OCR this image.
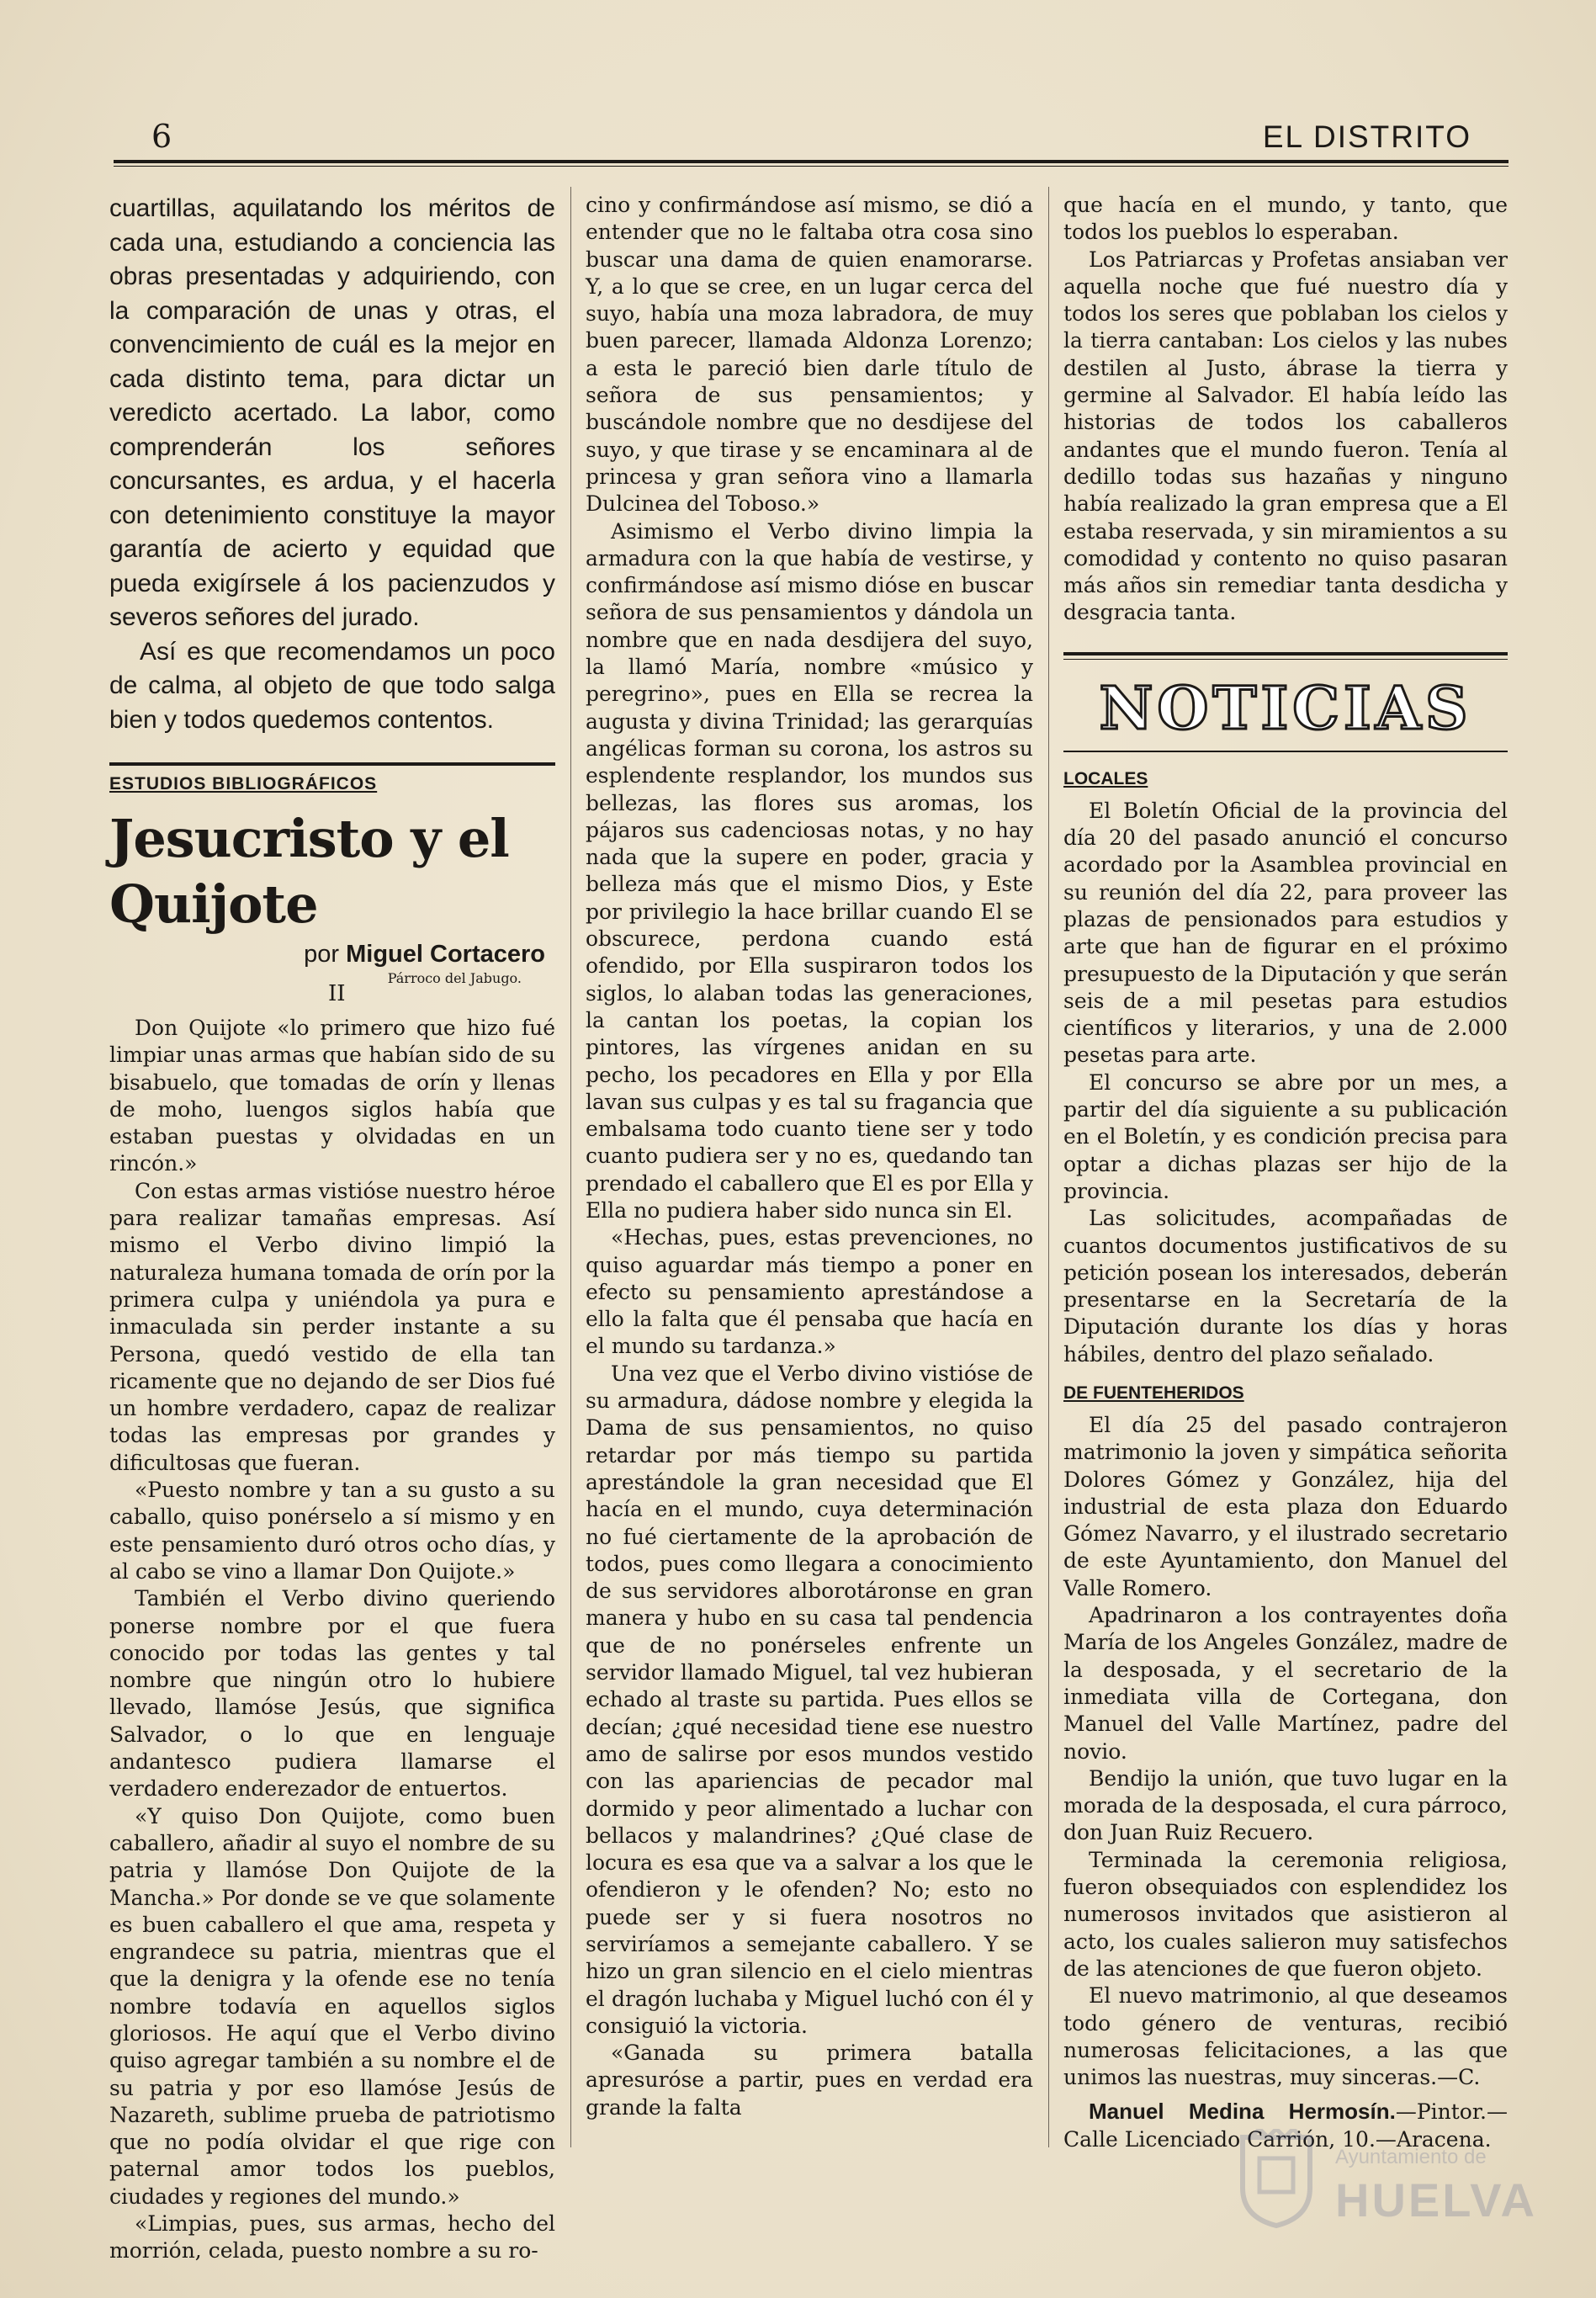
6	EL DISTRITO

cuartillas, aquilatando los méritos de cada una, estudiando a conciencia las obras presentadas y adquiriendo, con la comparación de unas y otras, el convencimiento de cuál es la mejor en cada distinto tema, para dictar un veredicto acertado. La labor, como comprenderán los señores concursantes, es ardua, y el hacerla con detenimiento constituye la mayor garantía de acierto y equidad que pueda exigírsele á los pacienzudos y severos señores del jurado.

Así es que recomendamos un poco de calma, al objeto de que todo salga bien y todos quedemos contentos.

ESTUDIOS BIBLIOGRÁFICOS
Jesucristo y el Quijote
por Miguel Cortacero
Párroco del Jabugo.
II

Don Quijote «lo primero que hizo fué limpiar unas armas que habían sido de su bisabuelo, que tomadas de orín y llenas de moho, luengos siglos había que estaban puestas y olvidadas en un rincón.»

Con estas armas vistióse nuestro héroe para realizar tamañas empresas. Así mismo el Verbo divino limpió la naturaleza humana tomada de orín por la primera culpa y uniéndola ya pura e inmaculada sin perder instante a su Persona, quedó vestido de ella tan ricamente que no dejando de ser Dios fué un hombre verdadero, capaz de realizar todas las empresas por grandes y dificultosas que fueran.

«Puesto nombre y tan a su gusto a su caballo, quiso ponérselo a sí mismo y en este pensamiento duró otros ocho días, y al cabo se vino a llamar Don Quijote.»

También el Verbo divino queriendo ponerse nombre por el que fuera conocido por todas las gentes y tal nombre que ningún otro lo hubiere llevado, llamóse Jesús, que significa Salvador, o lo que en lenguaje andantesco pudiera llamarse el verdadero enderezador de entuertos.

«Y quiso Don Quijote, como buen caballero, añadir al suyo el nombre de su patria y llamóse Don Quijote de la Mancha.» Por donde se ve que solamente es buen caballero el que ama, respeta y engrandece su patria, mientras que el que la denigra y la ofende ese no tenía nombre todavía en aquellos siglos gloriosos. He aquí que el Verbo divino quiso agregar también a su nombre el de su patria y por eso llamóse Jesús de Nazareth, sublime prueba de patriotismo que no podía olvidar el que rige con paternal amor todos los pueblos, ciudades y regiones del mundo.»

«Limpias, pues, sus armas, hecho del morrión, celada, puesto nombre a su ro-

cino y confirmándose así mismo, se dió a entender que no le faltaba otra cosa sino buscar una dama de quien enamorarse. Y, a lo que se cree, en un lugar cerca del suyo, había una moza labradora, de muy buen parecer, llamada Aldonza Lorenzo; a esta le pareció bien darle título de señora de sus pensamientos; y buscándole nombre que no desdijese del suyo, y que tirase y se encaminara al de princesa y gran señora vino a llamarla Dulcinea del Toboso.»

Asimismo el Verbo divino limpia la armadura con la que había de vestirse, y confirmándose así mismo dióse en buscar señora de sus pensamientos y dándola un nombre que en nada desdijera del suyo, la llamó María, nombre «músico y peregrino», pues en Ella se recrea la augusta y divina Trinidad; las gerarquías angélicas forman su corona, los astros su esplendente resplandor, los mundos sus bellezas, las flores sus aromas, los pájaros sus cadenciosas notas, y no hay nada que la supere en poder, gracia y belleza más que el mismo Dios, y Este por privilegio la hace brillar cuando El se obscurece, perdona cuando está ofendido, por Ella suspiraron todos los siglos, lo alaban todas las generaciones, la cantan los poetas, la copian los pintores, las vírgenes anidan en su pecho, los pecadores en Ella y por Ella lavan sus culpas y es tal su fragancia que embalsama todo cuanto tiene ser y todo cuanto pudiera ser y no es, quedando tan prendado el caballero que El es por Ella y Ella no pudiera haber sido nunca sin El.

«Hechas, pues, estas prevenciones, no quiso aguardar más tiempo a poner en efecto su pensamiento aprestándose a ello la falta que él pensaba que hacía en el mundo su tardanza.»

Una vez que el Verbo divino vistióse de su armadura, dádose nombre y elegida la Dama de sus pensamientos, no quiso retardar por más tiempo su partida aprestándole la gran necesidad que El hacía en el mundo, cuya determinación no fué ciertamente de la aprobación de todos, pues como llegara a conocimiento de sus servidores alborotáronse en gran manera y hubo en su casa tal pendencia que de no ponérseles enfrente un servidor llamado Miguel, tal vez hubieran echado al traste su partida. Pues ellos se decían; ¿qué necesidad tiene ese nuestro amo de salirse por esos mundos vestido con las apariencias de pecador mal dormido y peor alimentado a luchar con bellacos y malandrines? ¿Qué clase de locura es esa que va a salvar a los que le ofendieron y le ofenden? No; esto no puede ser y si fuera nosotros no serviríamos a semejante caballero. Y se hizo un gran silencio en el cielo mientras el dragón luchaba y Miguel luchó con él y consiguió la victoria.

«Ganada su primera batalla apresuróse a partir, pues en verdad era grande la falta

que hacía en el mundo, y tanto, que todos los pueblos lo esperaban.

Los Patriarcas y Profetas ansiaban ver aquella noche que fué nuestro día y todos los seres que poblaban los cielos y la tierra cantaban: Los cielos y las nubes destilen al Justo, ábrase la tierra y germine al Salvador. El había leído las historias de todos los caballeros andantes que el mundo fueron. Tenía al dedillo todas sus hazañas y ninguno había realizado la gran empresa que a El estaba reservada, y sin miramientos a su comodidad y contento no quiso pasaran más años sin remediar tanta desdicha y desgracia tanta.

NOTICIAS
LOCALES

El Boletín Oficial de la provincia del día 20 del pasado anunció el concurso acordado por la Asamblea provincial en su reunión del día 22, para proveer las plazas de pensionados para estudios y arte que han de figurar en el próximo presupuesto de la Diputación y que serán seis de a mil pesetas para estudios científicos y literarios, y una de 2.000 pesetas para arte.

El concurso se abre por un mes, a partir del día siguiente a su publicación en el Boletín, y es condición precisa para optar a dichas plazas ser hijo de la provincia.

Las solicitudes, acompañadas de cuantos documentos justificativos de su petición posean los interesados, deberán presentarse en la Secretaría de la Diputación durante los días y horas hábiles, dentro del plazo señalado.

DE FUENTEHERIDOS

El día 25 del pasado contrajeron matrimonio la joven y simpática señorita Dolores Gómez y González, hija del industrial de esta plaza don Eduardo Gómez Navarro, y el ilustrado secretario de este Ayuntamiento, don Manuel del Valle Romero.

Apadrinaron a los contrayentes doña María de los Angeles González, madre de la desposada, y el secretario de la inmediata villa de Cortegana, don Manuel del Valle Martínez, padre del novio.

Bendijo la unión, que tuvo lugar en la morada de la desposada, el cura párroco, don Juan Ruiz Recuero.

Terminada la ceremonia religiosa, fueron obsequiados con esplendidez los numerosos invitados que asistieron al acto, los cuales salieron muy satisfechos de las atenciones de que fueron objeto.

El nuevo matrimonio, al que deseamos todo género de venturas, recibió numerosas felicitaciones, a las que unimos las nuestras, muy sinceras.—C.

Manuel Medina Hermosín.—Pintor.— Calle Licenciado Carrión, 10.—Aracena.

Ayuntamiento de
HUELVA
